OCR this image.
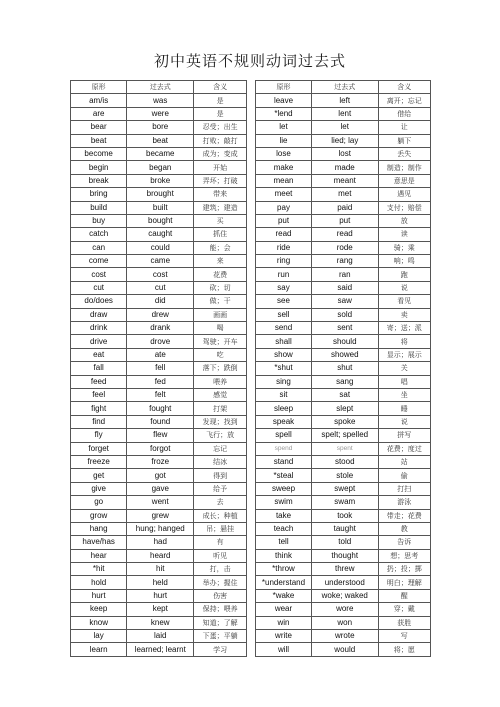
初中英语不规则动词过去式
原形	过去式	含义
am/is	was	是
are	were	是
bear	bore	忍受；出生
beat	beat	打败；敲打
become	became	成为；变成
begin	began	开始
break	broke	弄坏；打破
bring	brought	带来
build	built	建筑；建造
buy	bought	买
catch	caught	抓住
can	could	能；会
come	came	来
cost	cost	花费
cut	cut	砍；切
do/does	did	做；干
draw	drew	画画
drink	drank	喝
drive	drove	驾驶；开车
eat	ate	吃
fall	fell	落下；跌倒
feed	fed	喂养
feel	felt	感觉
fight	fought	打架
find	found	发现；找到
fly	flew	飞行；放
forget	forgot	忘记
freeze	froze	结冰
get	got	得到
give	gave	给予
go	went	去
grow	grew	成长；种植
hang	hung; hanged	吊；悬挂
have/has	had	有
hear	heard	听见
*hit	hit	打，击
hold	held	举办；握住
hurt	hurt	伤害
keep	kept	保持；喂养
know	knew	知道；了解
lay	laid	下蛋；平躺
learn	learned; learnt	学习
原形	过去式	含义
leave	left	离开；忘记
*lend	lent	借给
let	let	让
lie	lied; lay	躺下
lose	lost	丢失
make	made	制造；制作
mean	meant	意思是
meet	met	遇见
pay	paid	支付；赔偿
put	put	放
read	read	读
ride	rode	骑；乘
ring	rang	响；鸣
run	ran	跑
say	said	说
see	saw	看见
sell	sold	卖
send	sent	寄；送；派
shall	should	将
show	showed	显示；展示
*shut	shut	关
sing	sang	唱
sit	sat	坐
sleep	slept	睡
speak	spoke	说
spell	spelt; spelled	拼写
spend	spent	花费；度过
stand	stood	站
*steal	stole	偷
sweep	swept	打扫
swim	swam	游泳
take	took	带走；花费
teach	taught	教
tell	told	告诉
think	thought	想；思考
*throw	threw	扔；投；掷
*understand	understood	明白；理解
*wake	woke; waked	醒
wear	wore	穿；戴
win	won	获胜
write	wrote	写
will	would	将；愿
